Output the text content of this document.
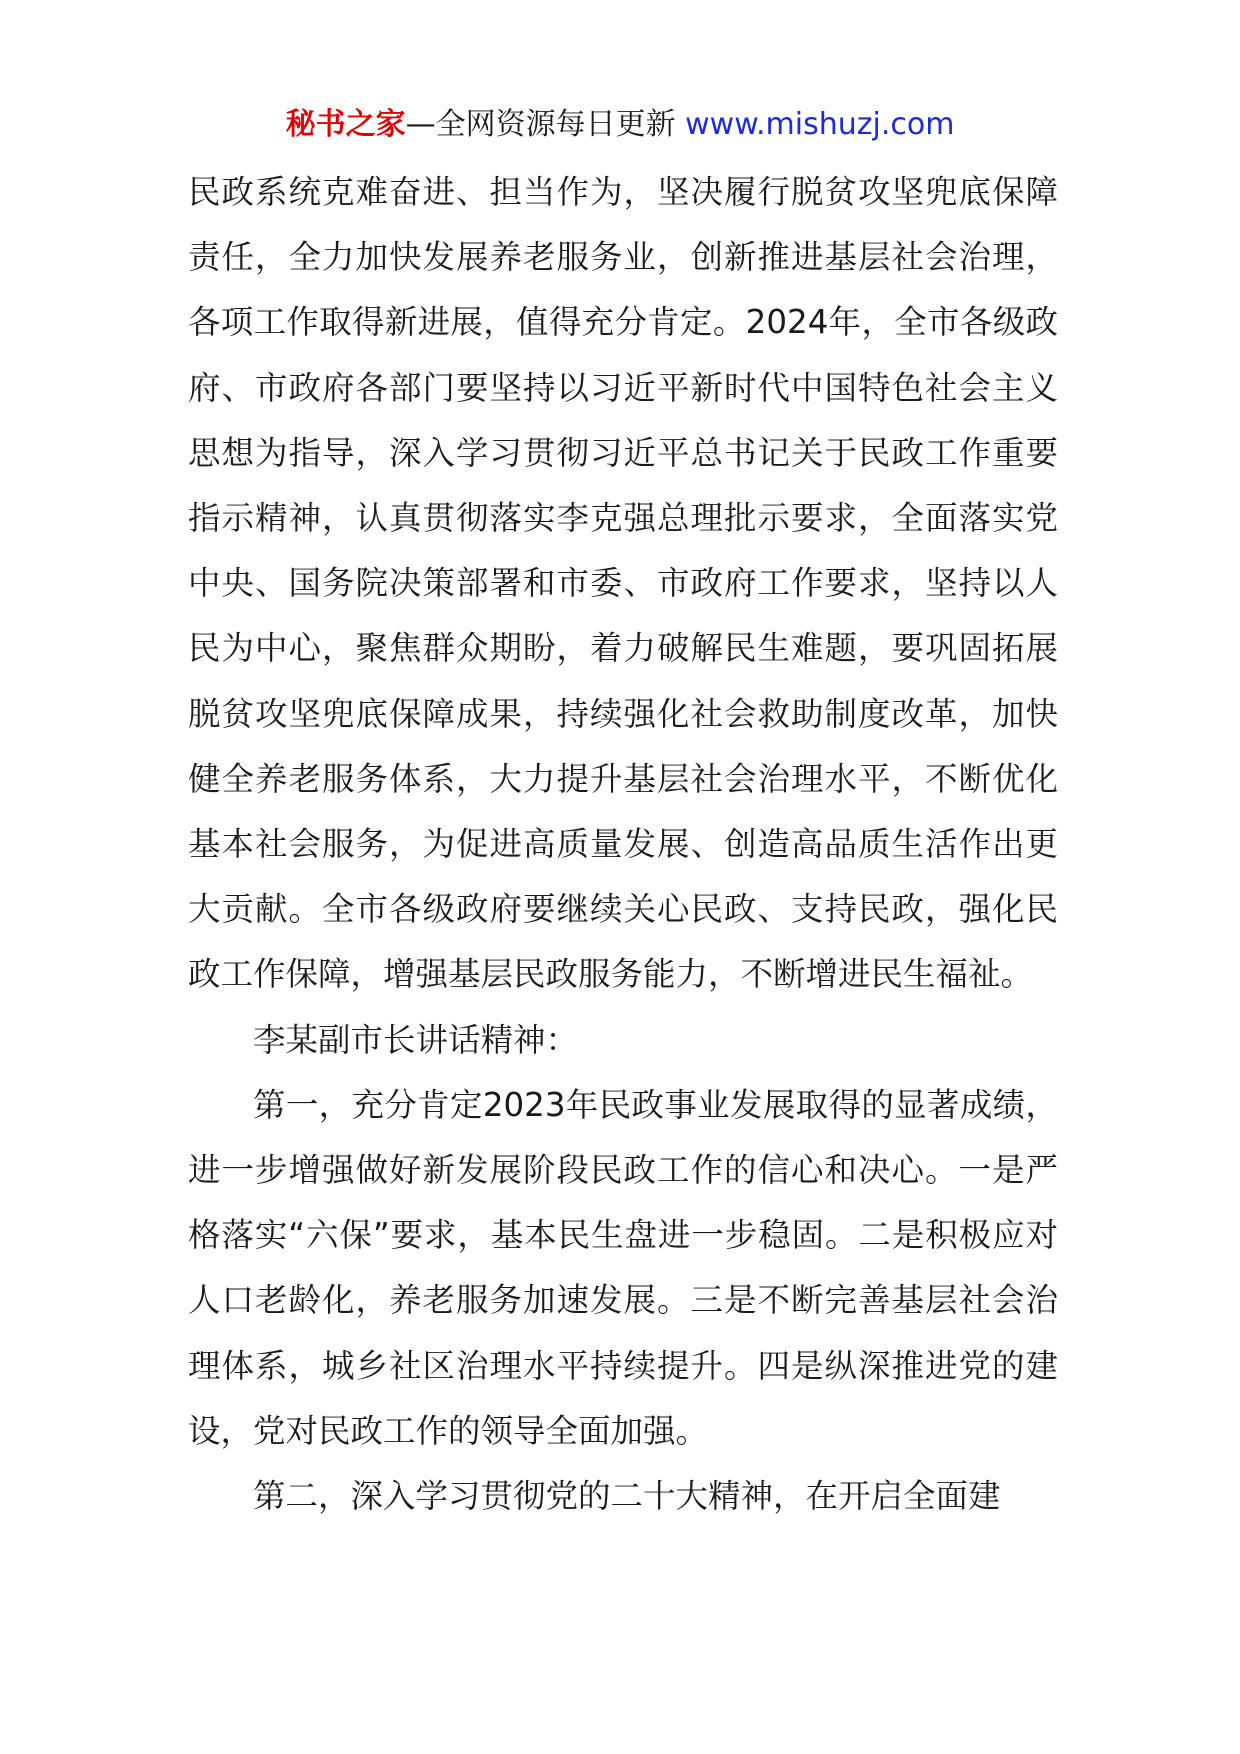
秘书之家—全网资源每日更新 www.mishuzj.com

民政系统克难奋进、担当作为，坚决履行脱贫攻坚兜底保障责任，全力加快发展养老服务业，创新推进基层社会治理，各项工作取得新进展，值得充分肯定。2024年，全市各级政府、市政府各部门要坚持以习近平新时代中国特色社会主义思想为指导，深入学习贯彻习近平总书记关于民政工作重要指示精神，认真贯彻落实李克强总理批示要求，全面落实党中央、国务院决策部署和市委、市政府工作要求，坚持以人民为中心，聚焦群众期盼，着力破解民生难题，要巩固拓展脱贫攻坚兜底保障成果，持续强化社会救助制度改革，加快健全养老服务体系，大力提升基层社会治理水平，不断优化基本社会服务，为促进高质量发展、创造高品质生活作出更大贡献。全市各级政府要继续关心民政、支持民政，强化民政工作保障，增强基层民政服务能力，不断增进民生福祉。

李某副市长讲话精神：

第一，充分肯定2023年民政事业发展取得的显著成绩，进一步增强做好新发展阶段民政工作的信心和决心。一是严格落实“六保”要求，基本民生盘进一步稳固。二是积极应对人口老龄化，养老服务加速发展。三是不断完善基层社会治理体系，城乡社区治理水平持续提升。四是纵深推进党的建设，党对民政工作的领导全面加强。

第二，深入学习贯彻党的二十大精神，在开启全面建
